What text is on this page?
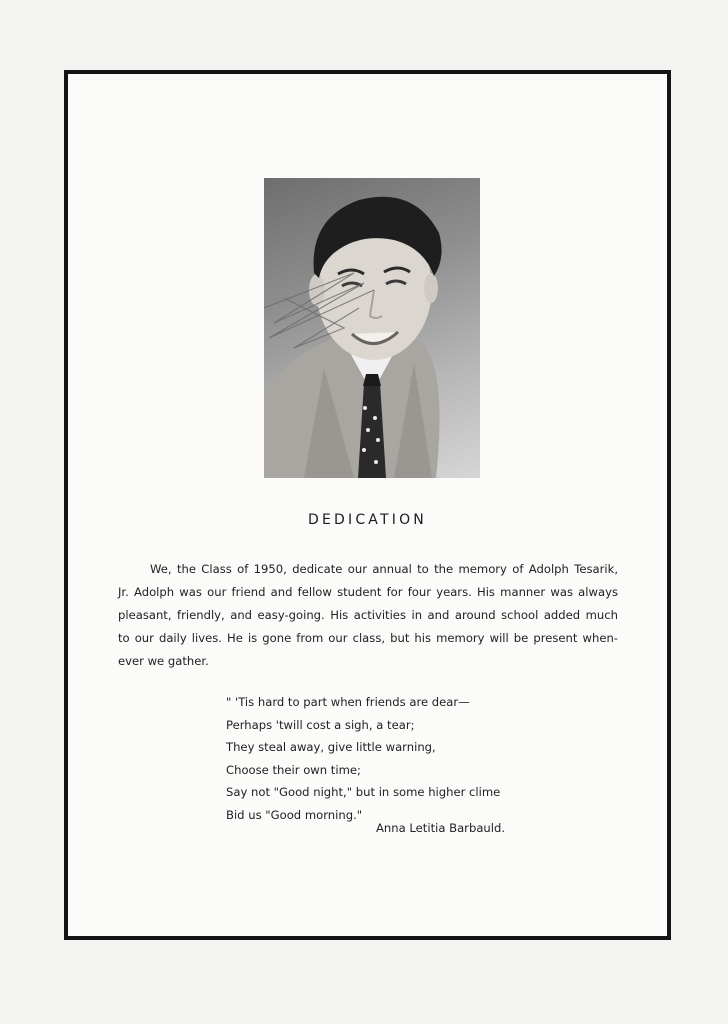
DEDICATION
We, the Class of 1950, dedicate our annual to the memory of Adolph Tesarik,
Jr. Adolph was our friend and fellow student for four years. His manner was always
pleasant, friendly, and easy-going. His activities in and around school added much
to our daily lives. He is gone from our class, but his memory will be present when-
ever we gather.
" 'Tis hard to part when friends are dear—
Perhaps 'twill cost a sigh, a tear;
They steal away, give little warning,
Choose their own time;
Say not "Good night," but in some higher clime
Bid us "Good morning."
Anna Letitia Barbauld.
